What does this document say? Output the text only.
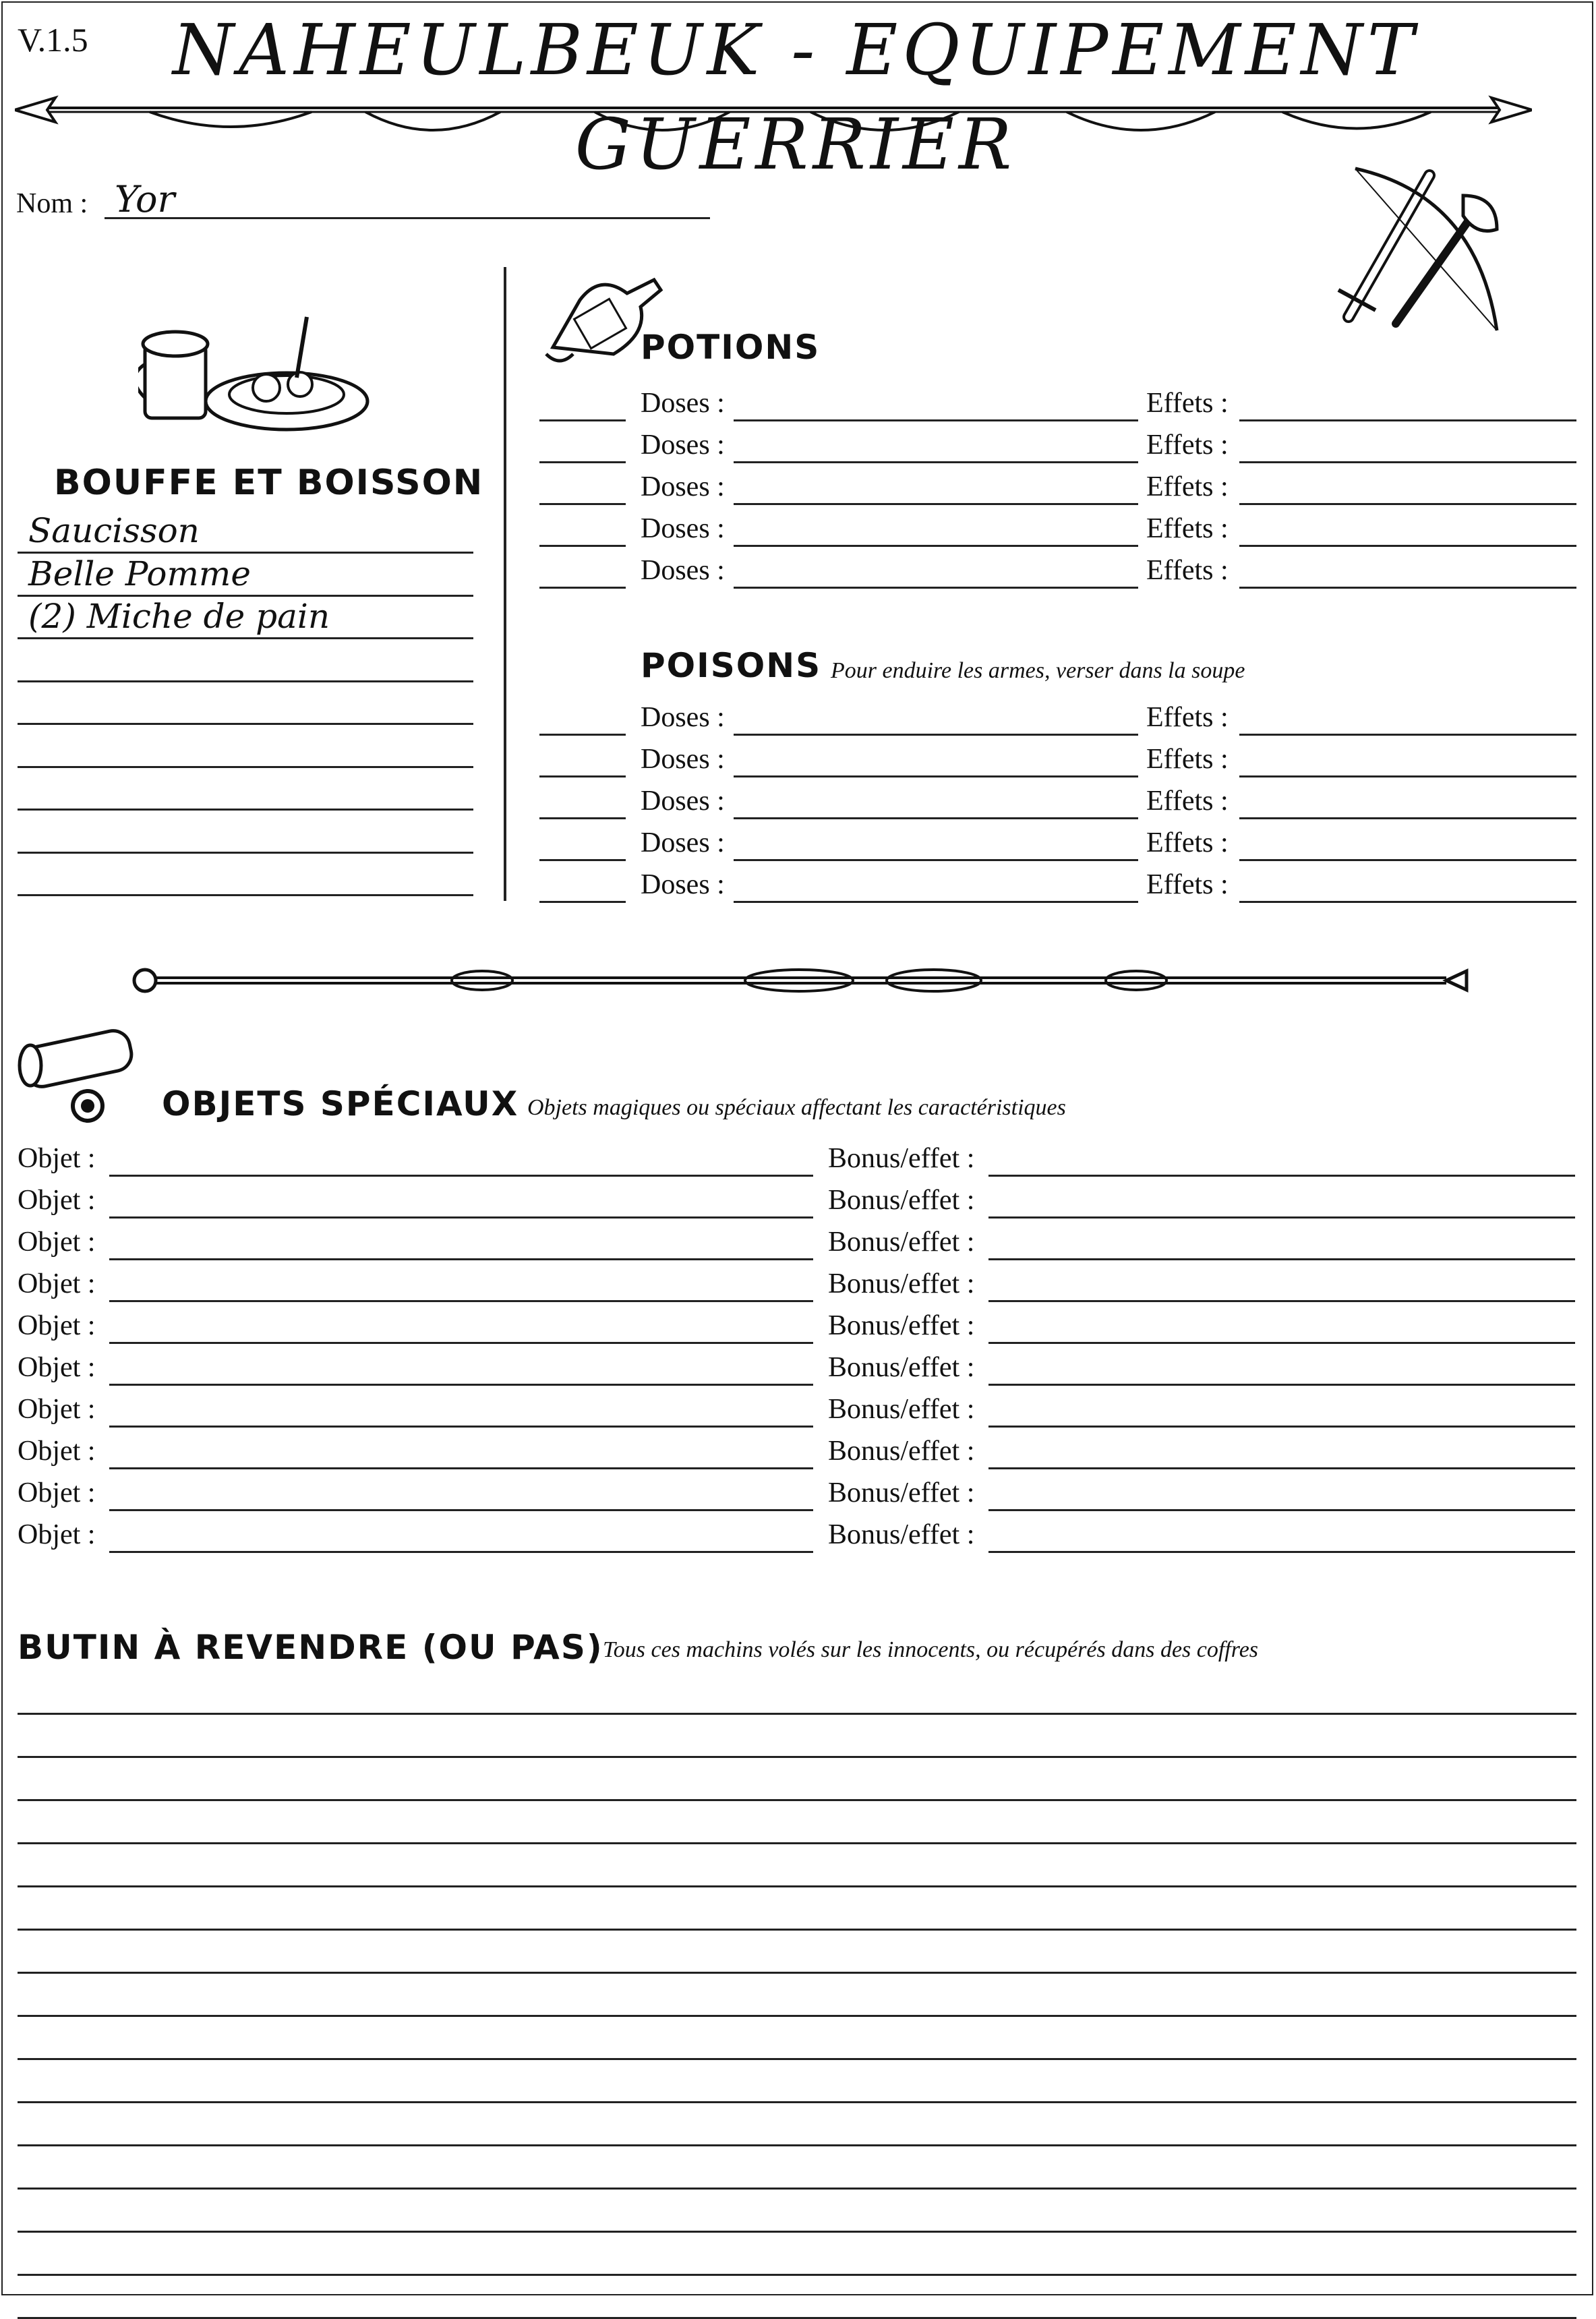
V.1.5 NAHEULBEUK - EQUIPEMENT GUERRIER
Nom : Yor
BOUFFE ET BOISSON
Saucisson
Belle Pomme
(2) Miche de pain
POTIONS
Doses :	Effets :
Doses :	Effets :
Doses :	Effets :
Doses :	Effets :
Doses :	Effets :
POISONS Pour enduire les armes, verser dans la soupe
Doses :	Effets :
Doses :	Effets :
Doses :	Effets :
Doses :	Effets :
Doses :	Effets :
OBJETS SPÉCIAUX Objets magiques ou spéciaux affectant les caractéristiques
Objet :	Bonus/effet :
Objet :	Bonus/effet :
Objet :	Bonus/effet :
Objet :	Bonus/effet :
Objet :	Bonus/effet :
Objet :	Bonus/effet :
Objet :	Bonus/effet :
Objet :	Bonus/effet :
Objet :	Bonus/effet :
Objet :	Bonus/effet :
BUTIN À REVENDRE (OU PAS) Tous ces machins volés sur les innocents, ou récupérés dans des coffres
